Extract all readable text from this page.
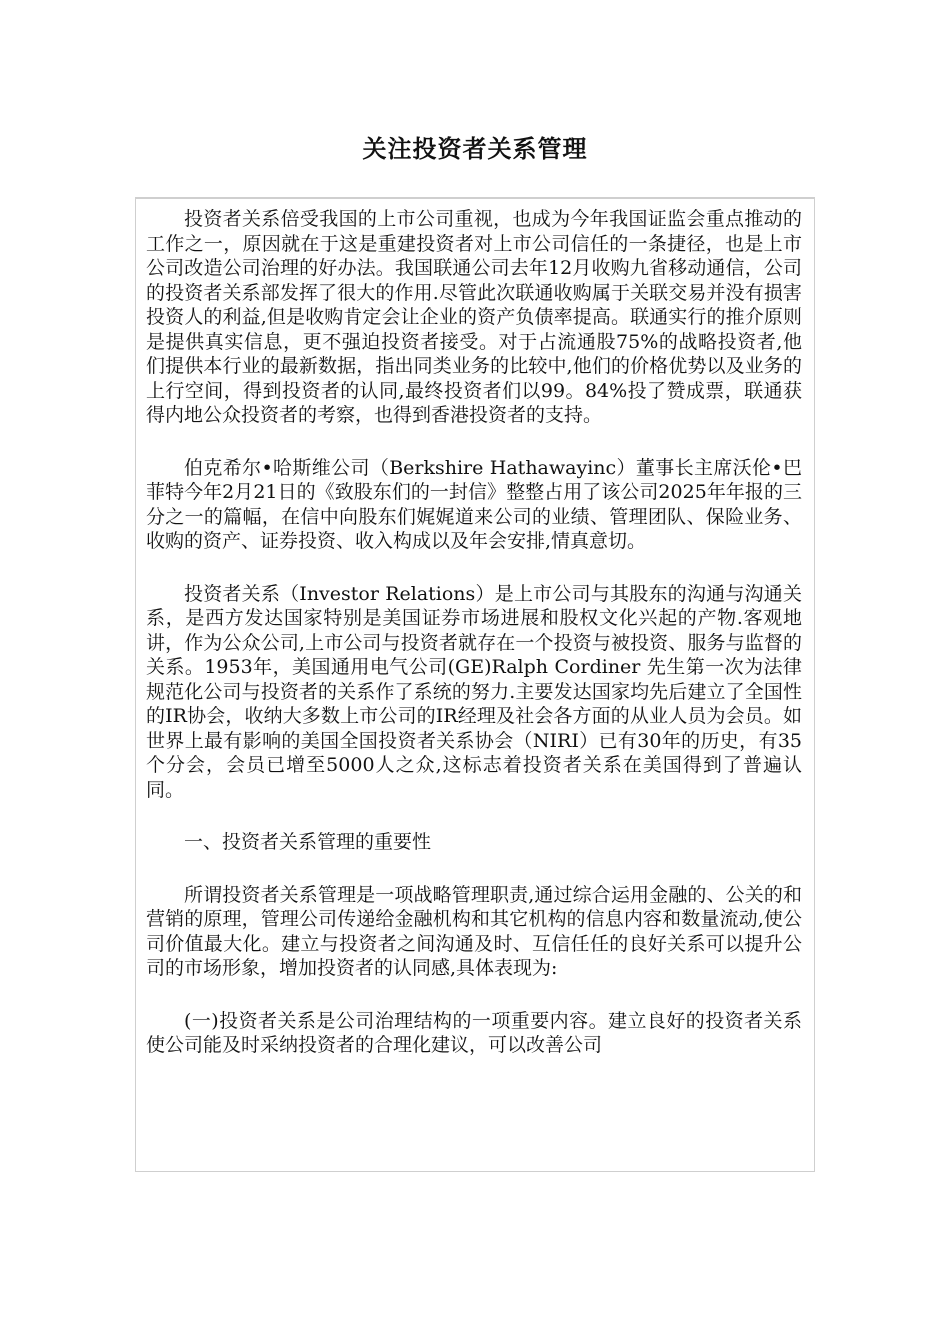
关注投资者关系管理

投资者关系倍受我国的上市公司重视，也成为今年我国证监会重点推动的工作之一，原因就在于这是重建投资者对上市公司信任的一条捷径，也是上市公司改造公司治理的好办法。我国联通公司去年12月收购九省移动通信，公司的投资者关系部发挥了很大的作用.尽管此次联通收购属于关联交易并没有损害投资人的利益,但是收购肯定会让企业的资产负债率提高。联通实行的推介原则是提供真实信息，更不强迫投资者接受。对于占流通股75%的战略投资者,他们提供本行业的最新数据，指出同类业务的比较中,他们的价格优势以及业务的上行空间，得到投资者的认同,最终投资者们以99。84%投了赞成票，联通获得内地公众投资者的考察，也得到香港投资者的支持。

伯克希尔•哈斯维公司（Berkshire Hathawayinc）董事长主席沃伦•巴菲特今年2月21日的《致股东们的一封信》整整占用了该公司2025年年报的三分之一的篇幅，在信中向股东们娓娓道来公司的业绩、管理团队、保险业务、收购的资产、证券投资、收入构成以及年会安排,情真意切。

投资者关系（Investor Relations）是上市公司与其股东的沟通与沟通关系，是西方发达国家特别是美国证券市场进展和股权文化兴起的产物.客观地讲，作为公众公司,上市公司与投资者就存在一个投资与被投资、服务与监督的关系。1953年，美国通用电气公司(GE)Ralph Cordiner 先生第一次为法律规范化公司与投资者的关系作了系统的努力.主要发达国家均先后建立了全国性的IR协会，收纳大多数上市公司的IR经理及社会各方面的从业人员为会员。如世界上最有影响的美国全国投资者关系协会（NIRI）已有30年的历史，有35个分会，会员已增至5000人之众,这标志着投资者关系在美国得到了普遍认同。

一、投资者关系管理的重要性

所谓投资者关系管理是一项战略管理职责,通过综合运用金融的、公关的和营销的原理，管理公司传递给金融机构和其它机构的信息内容和数量流动,使公司价值最大化。建立与投资者之间沟通及时、互信任任的良好关系可以提升公司的市场形象，增加投资者的认同感,具体表现为:

(一)投资者关系是公司治理结构的一项重要内容。建立良好的投资者关系使公司能及时采纳投资者的合理化建议，可以改善公司
